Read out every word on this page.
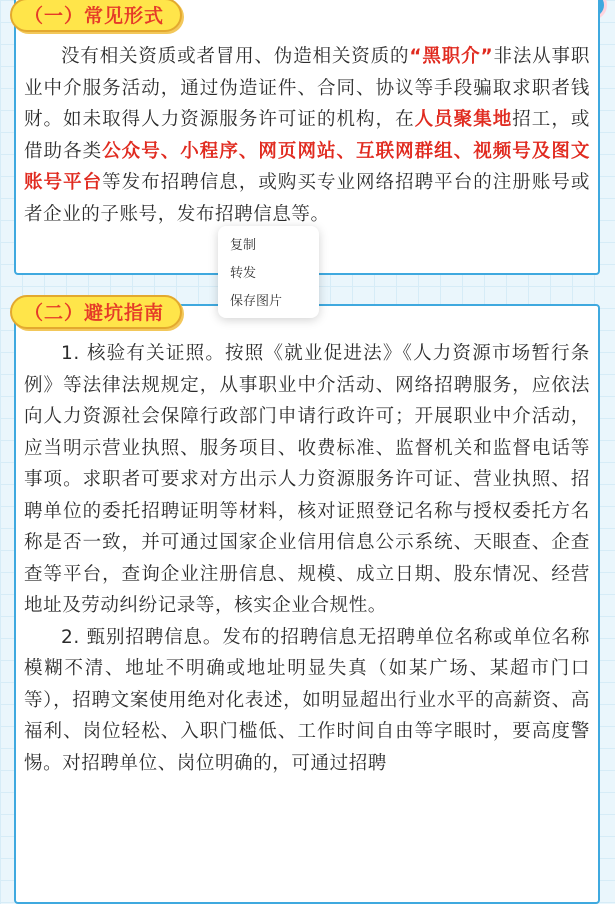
（一）常见形式

没有相关资质或者冒用、伪造相关资质的“黑职介”非法从事职业中介服务活动，通过伪造证件、合同、协议等手段骗取求职者钱财。如未取得人力资源服务许可证的机构，在人员聚集地招工，或借助各类公众号、小程序、网页网站、互联网群组、视频号及图文账号平台等发布招聘信息，或购买专业网络招聘平台的注册账号或者企业的子账号，发布招聘信息等。

（二）避坑指南

1. 核验有关证照。按照《就业促进法》《人力资源市场暂行条例》等法律法规规定，从事职业中介活动、网络招聘服务，应依法向人力资源社会保障行政部门申请行政许可；开展职业中介活动，应当明示营业执照、服务项目、收费标准、监督机关和监督电话等事项。求职者可要求对方出示人力资源服务许可证、营业执照、招聘单位的委托招聘证明等材料，核对证照登记名称与授权委托方名称是否一致，并可通过国家企业信用信息公示系统、天眼查、企查查等平台，查询企业注册信息、规模、成立日期、股东情况、经营地址及劳动纠纷记录等，核实企业合规性。

2. 甄别招聘信息。发布的招聘信息无招聘单位名称或单位名称模糊不清、地址不明确或地址明显失真（如某广场、某超市门口等），招聘文案使用绝对化表述，如明显超出行业水平的高薪资、高福利、岗位轻松、入职门槛低、工作时间自由等字眼时，要高度警惕。对招聘单位、岗位明确的，可通过招聘

复制
转发
保存图片
